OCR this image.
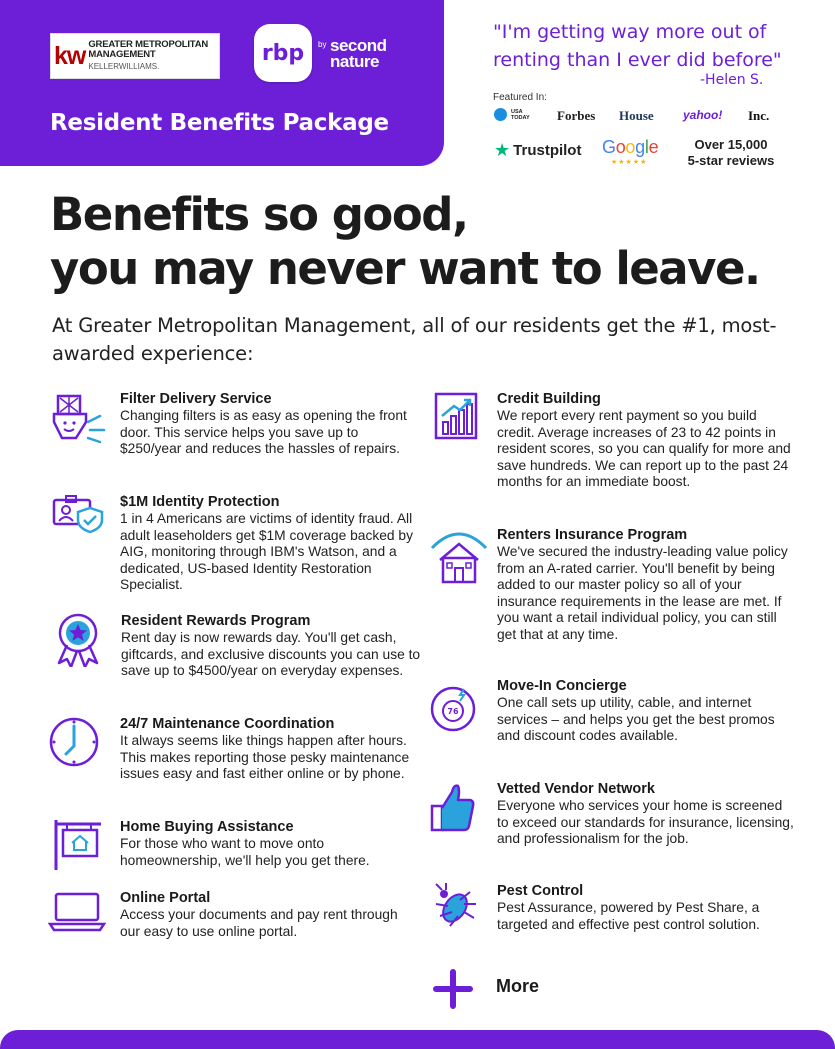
kw GREATER METROPOLITAN
MANAGEMENT
KELLERWILLIAMS.
rbp by second nature
Resident Benefits Package
"I'm getting way more out of renting than I ever did before"
-Helen S.
Featured In:
USA TODAY Forbes House yahoo! Inc.
★ Trustpilot Google
★★★★★
Over 15,000
5-star reviews
Benefits so good,
you may never want to leave.
At Greater Metropolitan Management, all of our residents get the #1, most-awarded experience:
Filter Delivery Service
Changing filters is as easy as opening the front door. This service helps you save up to $250/year and reduces the hassles of repairs.
$1M Identity Protection
1 in 4 Americans are victims of identity fraud. All adult leaseholders get $1M coverage backed by AIG, monitoring through IBM's Watson, and a dedicated, US-based Identity Restoration Specialist.
Resident Rewards Program
Rent day is now rewards day. You'll get cash, giftcards, and exclusive discounts you can use to save up to $4500/year on everyday expenses.
24/7 Maintenance Coordination
It always seems like things happen after hours. This makes reporting those pesky maintenance issues easy and fast either online or by phone.
Home Buying Assistance
For those who want to move onto homeownership, we'll help you get there.
Online Portal
Access your documents and pay rent through our easy to use online portal.
Credit Building
We report every rent payment so you build credit. Average increases of 23 to 42 points in resident scores, so you can qualify for more and save hundreds. We can report up to the past 24 months for an immediate boost.
Renters Insurance Program
We've secured the industry-leading value policy from an A-rated carrier. You'll benefit by being added to our master policy so all of your insurance requirements in the lease are met. If you want a retail individual policy, you can still get that at any time.
76
Move-In Concierge
One call sets up utility, cable, and internet services – and helps you get the best promos and discount codes available.
Vetted Vendor Network
Everyone who services your home is screened to exceed our standards for insurance, licensing, and professionalism for the job.
Pest Control
Pest Assurance, powered by Pest Share, a targeted and effective pest control solution.
More
